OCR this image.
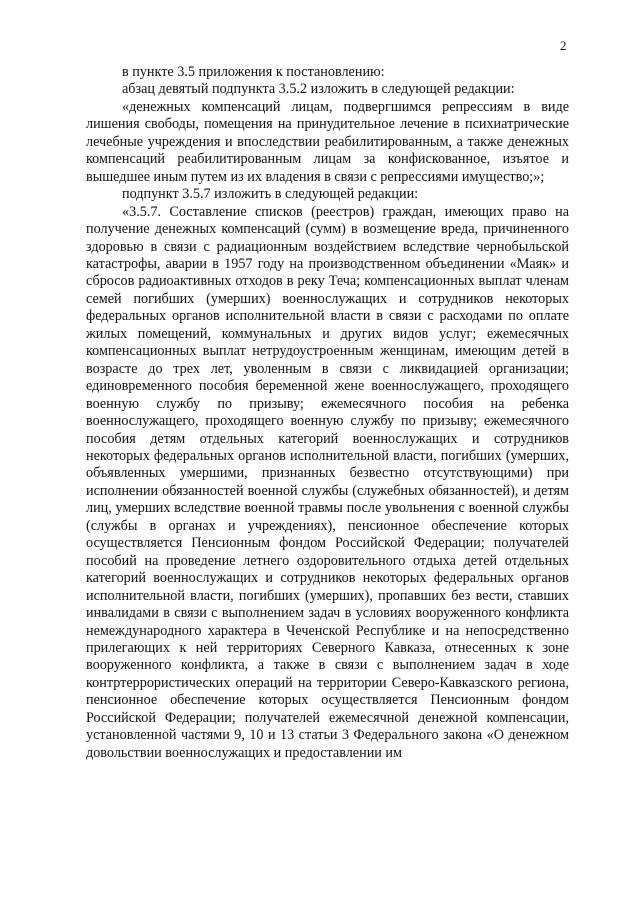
2

в пункте 3.5 приложения к постановлению:

абзац девятый подпункта 3.5.2 изложить в следующей редакции:

«денежных компенсаций лицам, подвергшимся репрессиям в виде лишения свободы, помещения на принудительное лечение в психиатрические лечебные учреждения и впоследствии реабилитированным, а также денежных компенсаций реабилитированным лицам за конфискованное, изъятое и вышедшее иным путем из их владения в связи с репрессиями имущество;»;

подпункт 3.5.7 изложить в следующей редакции:

«3.5.7. Составление списков (реестров) граждан, имеющих право на получение денежных компенсаций (сумм) в возмещение вреда, причиненного здоровью в связи с радиационным воздействием вследствие чернобыльской катастрофы, аварии в 1957 году на производственном объединении «Маяк» и сбросов радиоактивных отходов в реку Теча; компенсационных выплат членам семей погибших (умерших) военнослужащих и сотрудников некоторых федеральных органов исполнительной власти в связи с расходами по оплате жилых помещений, коммунальных и других видов услуг; ежемесячных компенсационных выплат нетрудоустроенным женщинам, имеющим детей в возрасте до трех лет, уволенным в связи с ликвидацией организации; единовременного пособия беременной жене военнослужащего, проходящего военную службу по призыву; ежемесячного пособия на ребенка военнослужащего, проходящего военную службу по призыву; ежемесячного пособия детям отдельных категорий военнослужащих и сотрудников некоторых федеральных органов исполнительной власти, погибших (умерших, объявленных умершими, признанных безвестно отсутствующими) при исполнении обязанностей военной службы (служебных обязанностей), и детям лиц, умерших вследствие военной травмы после увольнения с военной службы (службы в органах и учреждениях), пенсионное обеспечение которых осуществляется Пенсионным фондом Российской Федерации; получателей пособий на проведение летнего оздоровительного отдыха детей отдельных категорий военнослужащих и сотрудников некоторых федеральных органов исполнительной власти, погибших (умерших), пропавших без вести, ставших инвалидами в связи с выполнением задач в условиях вооруженного конфликта немеждународного характера в Чеченской Республике и на непосредственно прилегающих к ней территориях Северного Кавказа, отнесенных к зоне вооруженного конфликта, а также в связи с выполнением задач в ходе контртеррористических операций на территории Северо-Кавказского региона, пенсионное обеспечение которых осуществляется Пенсионным фондом Российской Федерации; получателей ежемесячной денежной компенсации, установленной частями 9, 10 и 13 статьи 3 Федерального закона «О денежном довольствии военнослужащих и предоставлении им
